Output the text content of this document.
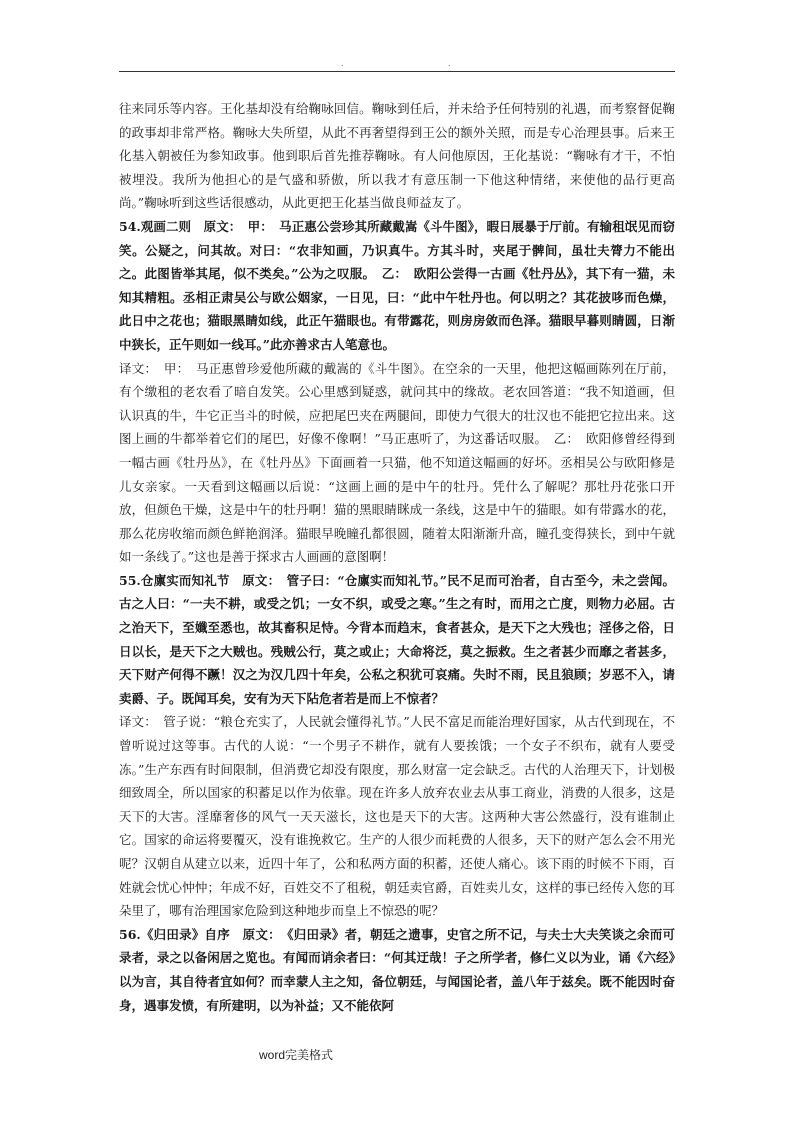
.	.

往来同乐等内容。王化基却没有给鞠咏回信。鞠咏到任后，并未给予任何特别的礼遇，而考察督促鞠的政事却非常严格。鞠咏大失所望，从此不再奢望得到王公的额外关照，而是专心治理县事。后来王化基入朝被任为参知政事。他到职后首先推荐鞠咏。有人问他原因，王化基说：“鞠咏有才干，不怕被埋没。我所为他担心的是气盛和骄傲，所以我才有意压制一下他这种情绪，来使他的品行更高尚。”鞠咏听到这些话很感动，从此更把王化基当做良师益友了。

54.观画二则　原文：　甲：　马正惠公尝珍其所藏戴嵩《斗牛图》，暇日展暴于厅前。有输租氓见而窃笑。公疑之，问其故。对曰：“农非知画，乃识真牛。方其斗时，夹尾于髀间，虽壮夫膂力不能出之。此图皆举其尾，似不类矣。”公为之叹服。　乙：　欧阳公尝得一古画《牡丹丛》，其下有一猫，未知其精粗。丞相正肃吴公与欧公姻家，一日见，曰：“此中午牡丹也。何以明之？其花披哆而色燥，此日中之花也；猫眼黑睛如线，此正午猫眼也。有带露花，则房房敛而色泽。猫眼早暮则睛圆，日渐中狭长，正午则如一线耳。”此亦善求古人笔意也。

译文：　甲：　马正惠曾珍爱他所藏的戴嵩的《斗牛图》。在空余的一天里，他把这幅画陈列在厅前，有个缴租的老农看了暗自发笑。公心里感到疑惑，就问其中的缘故。老农回答道：“我不知道画，但认识真的牛，牛它正当斗的时候，应把尾巴夹在两腿间，即使力气很大的壮汉也不能把它拉出来。这图上画的牛都举着它们的尾巴，好像不像啊！”马正惠听了，为这番话叹服。　乙：　欧阳修曾经得到一幅古画《牡丹丛》，在《牡丹丛》下面画着一只猫，他不知道这幅画的好坏。丞相吴公与欧阳修是儿女亲家。一天看到这幅画以后说：“这画上画的是中午的牡丹。凭什么了解呢？那牡丹花张口开放，但颜色干燥，这是中午的牡丹啊！猫的黑眼睛眯成一条线，这是中午的猫眼。如有带露水的花，那么花房收缩而颜色鲜艳润泽。猫眼早晚瞳孔都很圆，随着太阳渐渐升高，瞳孔变得狭长，到中午就如一条线了。”这也是善于探求古人画画的意图啊！

55.仓廪实而知礼节　原文：　管子曰：“仓廪实而知礼节。”民不足而可治者，自古至今，未之尝闻。古之人曰：“一夫不耕，或受之饥；一女不织，或受之寒。”生之有时，而用之亡度，则物力必屈。古之治天下，至孅至悉也，故其畜积足恃。今背本而趋末，食者甚众，是天下之大残也；淫侈之俗，日日以长，是天下之大贼也。残贼公行，莫之或止；大命将泛，莫之振救。生之者甚少而靡之者甚多，天下财产何得不蹶！汉之为汉几四十年矣，公私之积犹可哀痛。失时不雨，民且狼顾；岁恶不入，请卖爵、子。既闻耳矣，安有为天下阽危者若是而上不惊者？

译文：　管子说：“粮仓充实了，人民就会懂得礼节。”人民不富足而能治理好国家，从古代到现在，不曾听说过这等事。古代的人说：“一个男子不耕作，就有人要挨饿；一个女子不织布，就有人要受冻。”生产东西有时间限制，但消费它却没有限度，那么财富一定会缺乏。古代的人治理天下，计划极细致周全，所以国家的积蓄足以作为依靠。现在许多人放弃农业去从事工商业，消费的人很多，这是天下的大害。淫靡奢侈的风气一天天滋长，这也是天下的大害。这两种大害公然盛行，没有谁制止它。国家的命运将要覆灭，没有谁挽救它。生产的人很少而耗费的人很多，天下的财产怎么会不用光呢？汉朝自从建立以来，近四十年了，公和私两方面的积蓄，还使人痛心。该下雨的时候不下雨，百姓就会忧心忡忡；年成不好，百姓交不了租税，朝廷卖官爵，百姓卖儿女，这样的事已经传入您的耳朵里了，哪有治理国家危险到这种地步而皇上不惊恐的呢？

56.《归田录》自序　原文：　《归田录》者，朝廷之遗事，史官之所不记，与夫士大夫笑谈之余而可录者，录之以备闲居之览也。有闻而诮余者曰：“何其迂哉！子之所学者，修仁义以为业，诵《六经》以为言，其自待者宜如何？而幸蒙人主之知，备位朝廷，与闻国论者，盖八年于兹矣。既不能因时奋身，遇事发愤，有所建明，以为补益；又不能依阿

word完美格式
